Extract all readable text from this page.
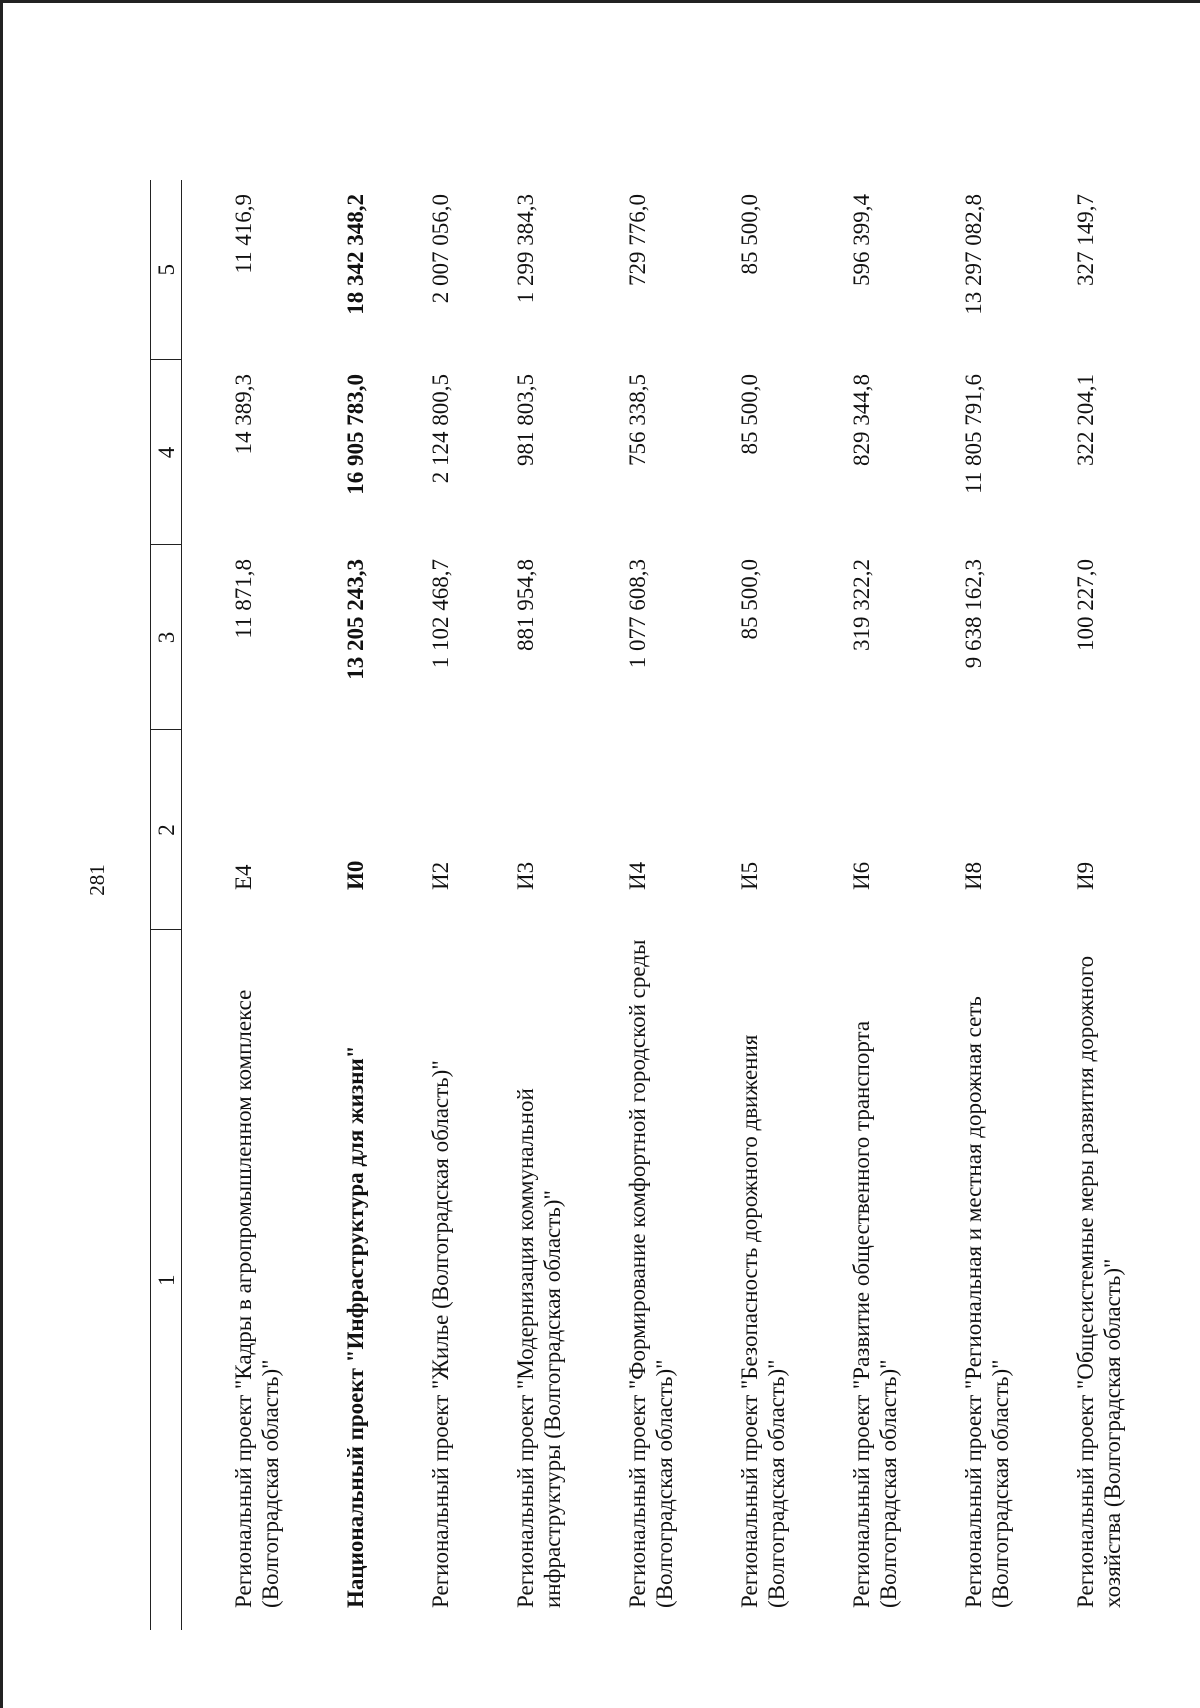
281
1	2	3	4	5
Региональный проект "Кадры в агропромышленном комплексе (Волгоградская область)"	Е4	11 871,8	14 389,3	11 416,9
Национальный проект "Инфраструктура для жизни"	И0	13 205 243,3	16 905 783,0	18 342 348,2
Региональный проект "Жилье (Волгоградская область)"	И2	1 102 468,7	2 124 800,5	2 007 056,0
Региональный проект "Модернизация коммунальной инфраструктуры (Волгоградская область)"	И3	881 954,8	981 803,5	1 299 384,3
Региональный проект "Формирование комфортной городской среды (Волгоградская область)"	И4	1 077 608,3	756 338,5	729 776,0
Региональный проект "Безопасность дорожного движения (Волгоградская область)"	И5	85 500,0	85 500,0	85 500,0
Региональный проект "Развитие общественного транспорта (Волгоградская область)"	И6	319 322,2	829 344,8	596 399,4
Региональный проект "Региональная и местная дорожная сеть (Волгоградская область)"	И8	9 638 162,3	11 805 791,6	13 297 082,8
Региональный проект "Общесистемные меры развития дорожного хозяйства (Волгоградская область)"	И9	100 227,0	322 204,1	327 149,7
